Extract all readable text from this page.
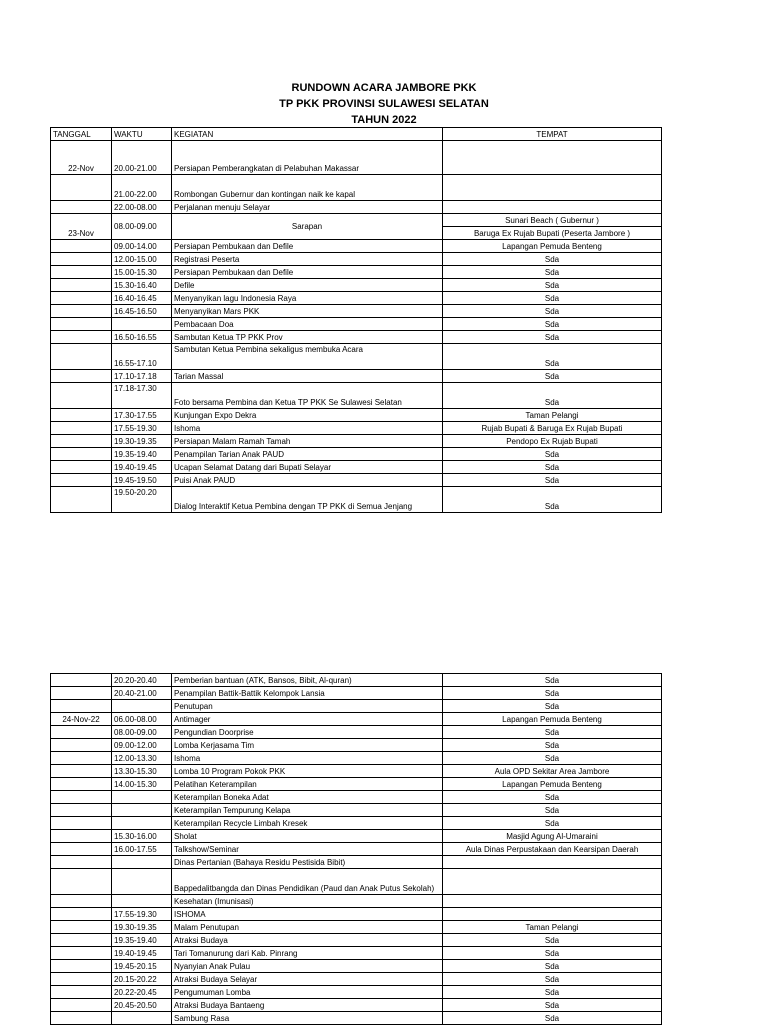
RUNDOWN ACARA JAMBORE PKK
TP PKK PROVINSI SULAWESI SELATAN
TAHUN 2022
TANGGAL	WAKTU	KEGIATAN	TEMPAT
22-Nov	20.00-21.00	Persiapan Pemberangkatan di Pelabuhan Makassar	
	21.00-22.00	Rombongan Gubernur dan kontingan naik ke kapal	
	22.00-08.00	Perjalanan menuju Selayar	
23-Nov	08.00-09.00	Sarapan	Sunari Beach ( Gubernur )
			Baruga Ex Rujab Bupati (Peserta Jambore )
	09.00-14.00	Persiapan Pembukaan dan Defile	Lapangan Pemuda Benteng
	12.00-15.00	Registrasi Peserta	Sda
	15.00-15.30	Persiapan Pembukaan dan Defile	Sda
	15.30-16.40	Defile	Sda
	16.40-16.45	Menyanyikan lagu Indonesia Raya	Sda
	16.45-16.50	Menyanyikan Mars PKK	Sda
		Pembacaan Doa	Sda
	16.50-16.55	Sambutan Ketua TP PKK Prov	Sda
	16.55-17.10	Sambutan Ketua Pembina sekaligus membuka Acara	Sda
	17.10-17.18	Tarian Massal	Sda
	17.18-17.30	Foto bersama Pembina dan Ketua TP PKK Se Sulawesi Selatan	Sda
	17.30-17.55	Kunjungan Expo Dekra	Taman Pelangi
	17.55-19.30	Ishoma	Rujab Bupati & Baruga Ex Rujab Bupati
	19.30-19.35	Persiapan Malam Ramah Tamah	Pendopo Ex Rujab Bupati
	19.35-19.40	Penampilan Tarian Anak PAUD	Sda
	19.40-19.45	Ucapan Selamat Datang dari Bupati Selayar	Sda
	19.45-19.50	Puisi Anak PAUD	Sda
	19.50-20.20	Dialog Interaktif Ketua Pembina dengan TP PKK di Semua Jenjang	Sda
	20.20-20.40	Pemberian bantuan (ATK, Bansos, Bibit, Al-quran)	Sda
	20.40-21.00	Penampilan Battik-Battik Kelompok Lansia	Sda
		Penutupan	Sda
24-Nov-22	06.00-08.00	Antimager	Lapangan Pemuda Benteng
	08.00-09.00	Pengundian Doorprise	Sda
	09.00-12.00	Lomba Kerjasama Tim	Sda
	12.00-13.30	Ishoma	Sda
	13.30-15.30	Lomba 10 Program Pokok PKK	Aula OPD Sekitar Area Jambore
	14.00-15.30	Pelatihan Keterampilan	Lapangan Pemuda Benteng
		Keterampilan Boneka Adat	Sda
		Keterampilan Tempurung Kelapa	Sda
		Keterampilan Recycle Limbah Kresek	Sda
	15.30-16.00	Sholat	Masjid Agung Al-Umaraini
	16.00-17.55	Talkshow/Seminar	Aula Dinas Perpustakaan dan Kearsipan Daerah
		Dinas Pertanian (Bahaya Residu Pestisida Bibit)	
		Bappedalitbangda dan Dinas Pendidikan (Paud dan Anak Putus Sekolah)	
		Kesehatan (Imunisasi)	
	17.55-19.30	ISHOMA	
	19.30-19.35	Malam Penutupan	Taman Pelangi
	19.35-19.40	Atraksi Budaya	Sda
	19.40-19.45	Tari Tomanurung dari Kab. Pinrang	Sda
	19.45-20.15	Nyanyian Anak Pulau	Sda
	20.15-20.22	Atraksi Budaya Selayar	Sda
	20.22-20.45	Pengumuman Lomba	Sda
	20.45-20.50	Atraksi Budaya Bantaeng	Sda
		Sambung Rasa	Sda
